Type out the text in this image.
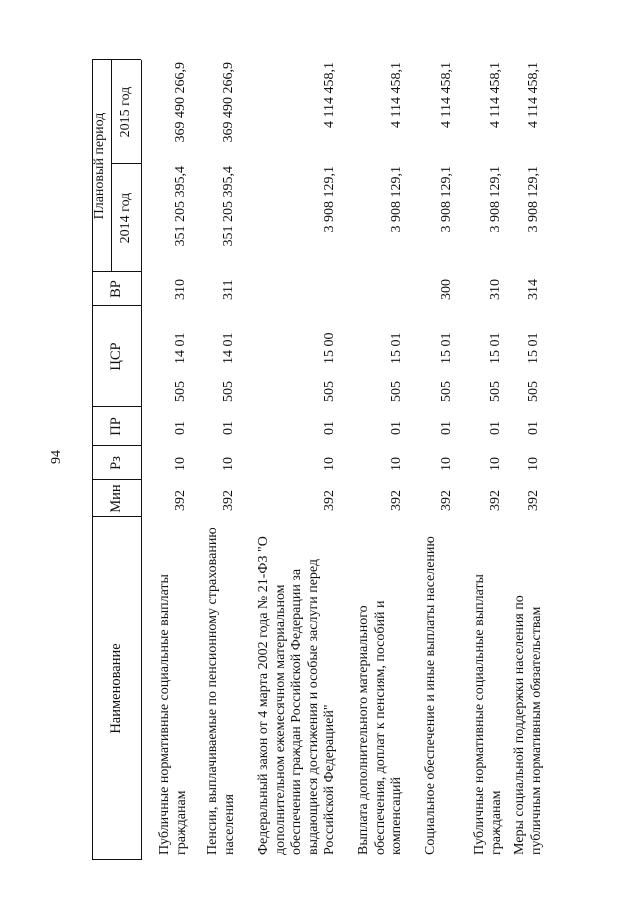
94
Наименование
Мин
Рз
ПР
ЦСР
ВР
Плановый период 2014 год
2015 год
Публичные нормативные социальные выплаты гражданам
392
10
01
505
14 01
310
351 205 395,4
369 490 266,9
Пенсии, выплачиваемые по пенсионному страхованию населения
392
10
01
505
14 01
311
351 205 395,4
369 490 266,9
Федеральный закон от 4 марта 2002 года № 21-ФЗ "О дополнительном ежемесячном материальном обеспечении граждан Российской Федерации за выдающиеся достижения и особые заслуги перед Российской Федерацией"
392
10
01
505
15 00
3 908 129,1
4 114 458,1
Выплата дополнительного материального обеспечения, доплат к пенсиям, пособий и компенсаций
392
10
01
505
15 01
3 908 129,1
4 114 458,1
Социальное обеспечение и иные выплаты населению
392
10
01
505
15 01
300
3 908 129,1
4 114 458,1
Публичные нормативные социальные выплаты гражданам
392
10
01
505
15 01
310
3 908 129,1
4 114 458,1
Меры социальной поддержки населения по публичным нормативным обязательствам
392
10
01
505
15 01
314
3 908 129,1
4 114 458,1
